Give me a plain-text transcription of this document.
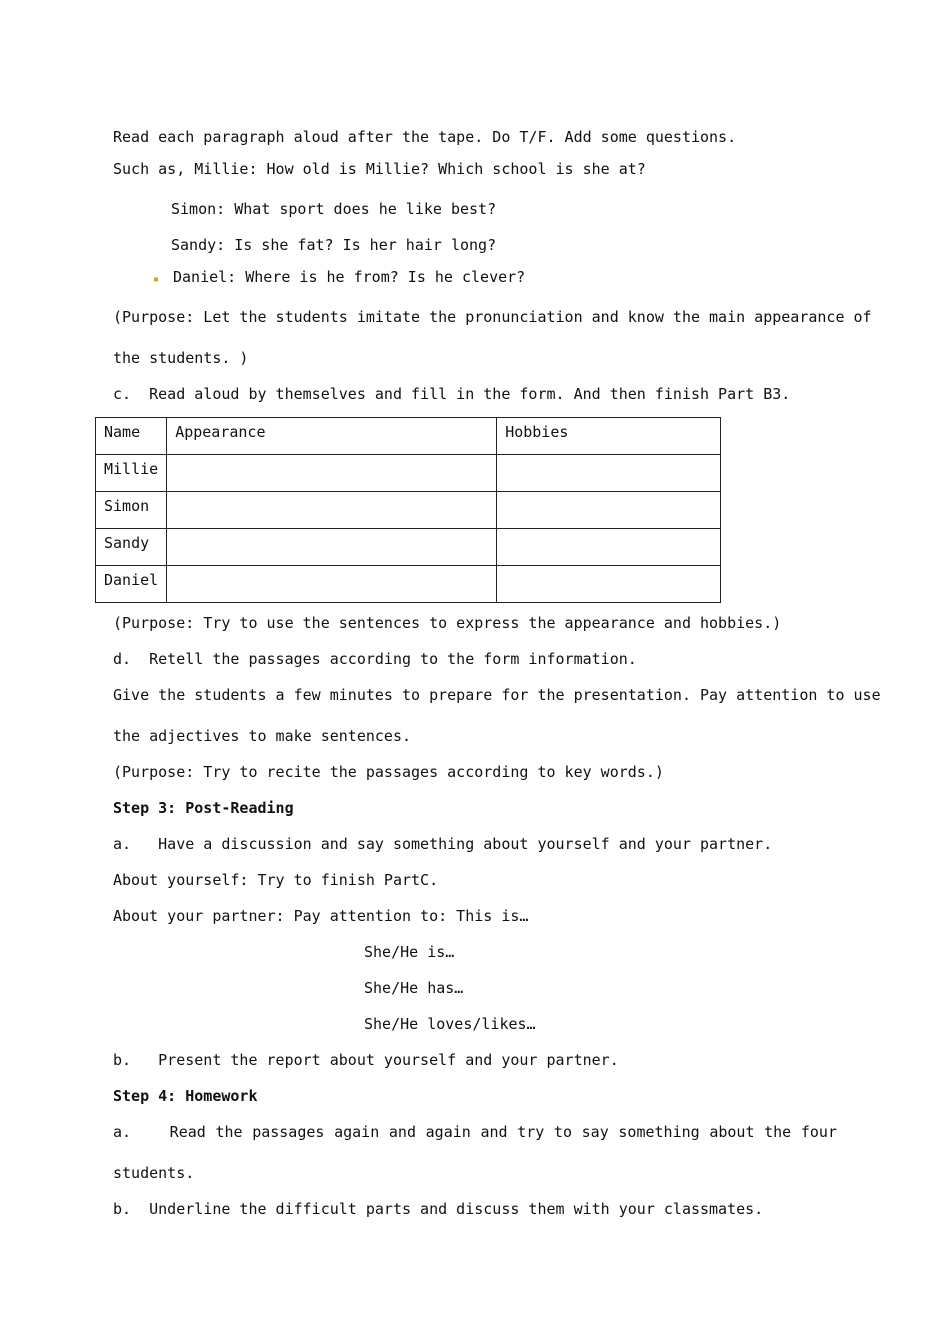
Read each paragraph aloud after the tape. Do T/F. Add some questions.
Such as, Millie: How old is Millie? Which school is she at?
Simon: What sport does he like best?
Sandy: Is she fat? Is her hair long?
▪ Daniel: Where is he from? Is he clever?
(Purpose: Let the students imitate the pronunciation and know the main appearance of
the students. )
c.  Read aloud by themselves and fill in the form. And then finish Part B3.
Name	Appearance	Hobbies
Millie		
Simon		
Sandy		
Daniel		
(Purpose: Try to use the sentences to express the appearance and hobbies.)
d.  Retell the passages according to the form information.
Give the students a few minutes to prepare for the presentation. Pay attention to use
the adjectives to make sentences.
(Purpose: Try to recite the passages according to key words.)
Step 3: Post-Reading
a.   Have a discussion and say something about yourself and your partner.
About yourself: Try to finish PartC.
About your partner: Pay attention to: This is…
She/He is…
She/He has…
She/He loves/likes…
b.   Present the report about yourself and your partner.
Step 4: Homework
a.    Read the passages again and again and try to say something about the four
students.
b.  Underline the difficult parts and discuss them with your classmates.
